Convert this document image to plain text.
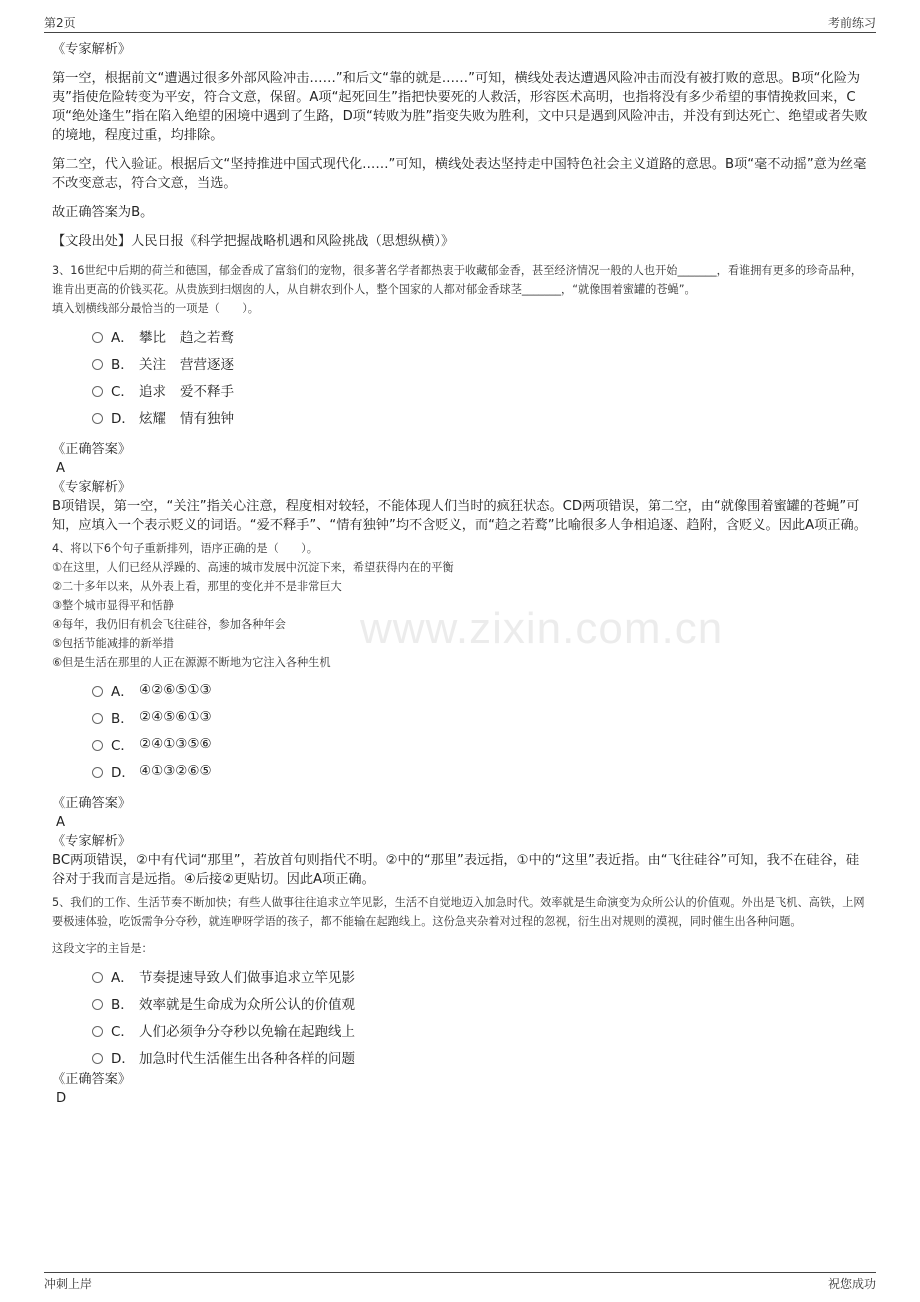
第2页	考前练习
www.zixin.com.cn

《专家解析》

第一空，根据前文“遭遇过很多外部风险冲击……”和后文“靠的就是……”可知，横线处表达遭遇风险冲击而没有被打败的意思。B项“化险为夷”指使危险转变为平安，符合文意，保留。A项“起死回生”指把快要死的人救活，形容医术高明，也指将没有多少希望的事情挽救回来，C项“绝处逢生”指在陷入绝望的困境中遇到了生路，D项“转败为胜”指变失败为胜利，文中只是遇到风险冲击，并没有到达死亡、绝望或者失败的境地，程度过重，均排除。

第二空，代入验证。根据后文“坚持推进中国式现代化……”可知，横线处表达坚持走中国特色社会主义道路的意思。B项“毫不动摇”意为丝毫不改变意志，符合文意，当选。

故正确答案为B。

【文段出处】人民日报《科学把握战略机遇和风险挑战（思想纵横）》

3、16世纪中后期的荷兰和德国，郁金香成了富翁们的宠物，很多著名学者都热衷于收藏郁金香，甚至经济情况一般的人也开始_______，看谁拥有更多的珍奇品种，谁肯出更高的价钱买花。从贵族到扫烟囱的人，从自耕农到仆人，整个国家的人都对郁金香球茎_______，“就像围着蜜罐的苍蝇”。

填入划横线部分最恰当的一项是（　　）。

A． 攀比 趋之若鹜
B． 关注 营营逐逐
C． 追求 爱不释手
D． 炫耀 情有独钟

《正确答案》

A

《专家解析》

B项错误，第一空，“关注”指关心注意，程度相对较轻，不能体现人们当时的疯狂状态。CD两项错误，第二空，由“就像围着蜜罐的苍蝇”可知，应填入一个表示贬义的词语。“爱不释手”、“情有独钟”均不含贬义，而“趋之若鹜”比喻很多人争相追逐、趋附，含贬义。因此A项正确。

4、将以下6个句子重新排列，语序正确的是（　　）。

①在这里，人们已经从浮躁的、高速的城市发展中沉淀下来，希望获得内在的平衡

②二十多年以来，从外表上看，那里的变化并不是非常巨大

③整个城市显得平和恬静

④每年，我仍旧有机会飞往硅谷，参加各种年会

⑤包括节能减排的新举措

⑥但是生活在那里的人正在源源不断地为它注入各种生机

A． ④②⑥⑤①③
B． ②④⑤⑥①③
C． ②④①③⑤⑥
D． ④①③②⑥⑤

《正确答案》

A

《专家解析》

BC两项错误，②中有代词“那里”，若放首句则指代不明。②中的“那里”表远指，①中的“这里”表近指。由“飞往硅谷”可知，我不在硅谷，硅谷对于我而言是远指。④后接②更贴切。因此A项正确。

5、我们的工作、生活节奏不断加快；有些人做事往往追求立竿见影，生活不自觉地迈入加急时代。效率就是生命演变为众所公认的价值观。外出是飞机、高铁，上网要极速体验，吃饭需争分夺秒，就连咿呀学语的孩子，都不能输在起跑线上。这份急夹杂着对过程的忽视，衍生出对规则的漠视，同时催生出各种问题。

这段文字的主旨是：

A． 节奏提速导致人们做事追求立竿见影
B． 效率就是生命成为众所公认的价值观
C． 人们必须争分夺秒以免输在起跑线上
D． 加急时代生活催生出各种各样的问题

《正确答案》

D

冲刺上岸	祝您成功
